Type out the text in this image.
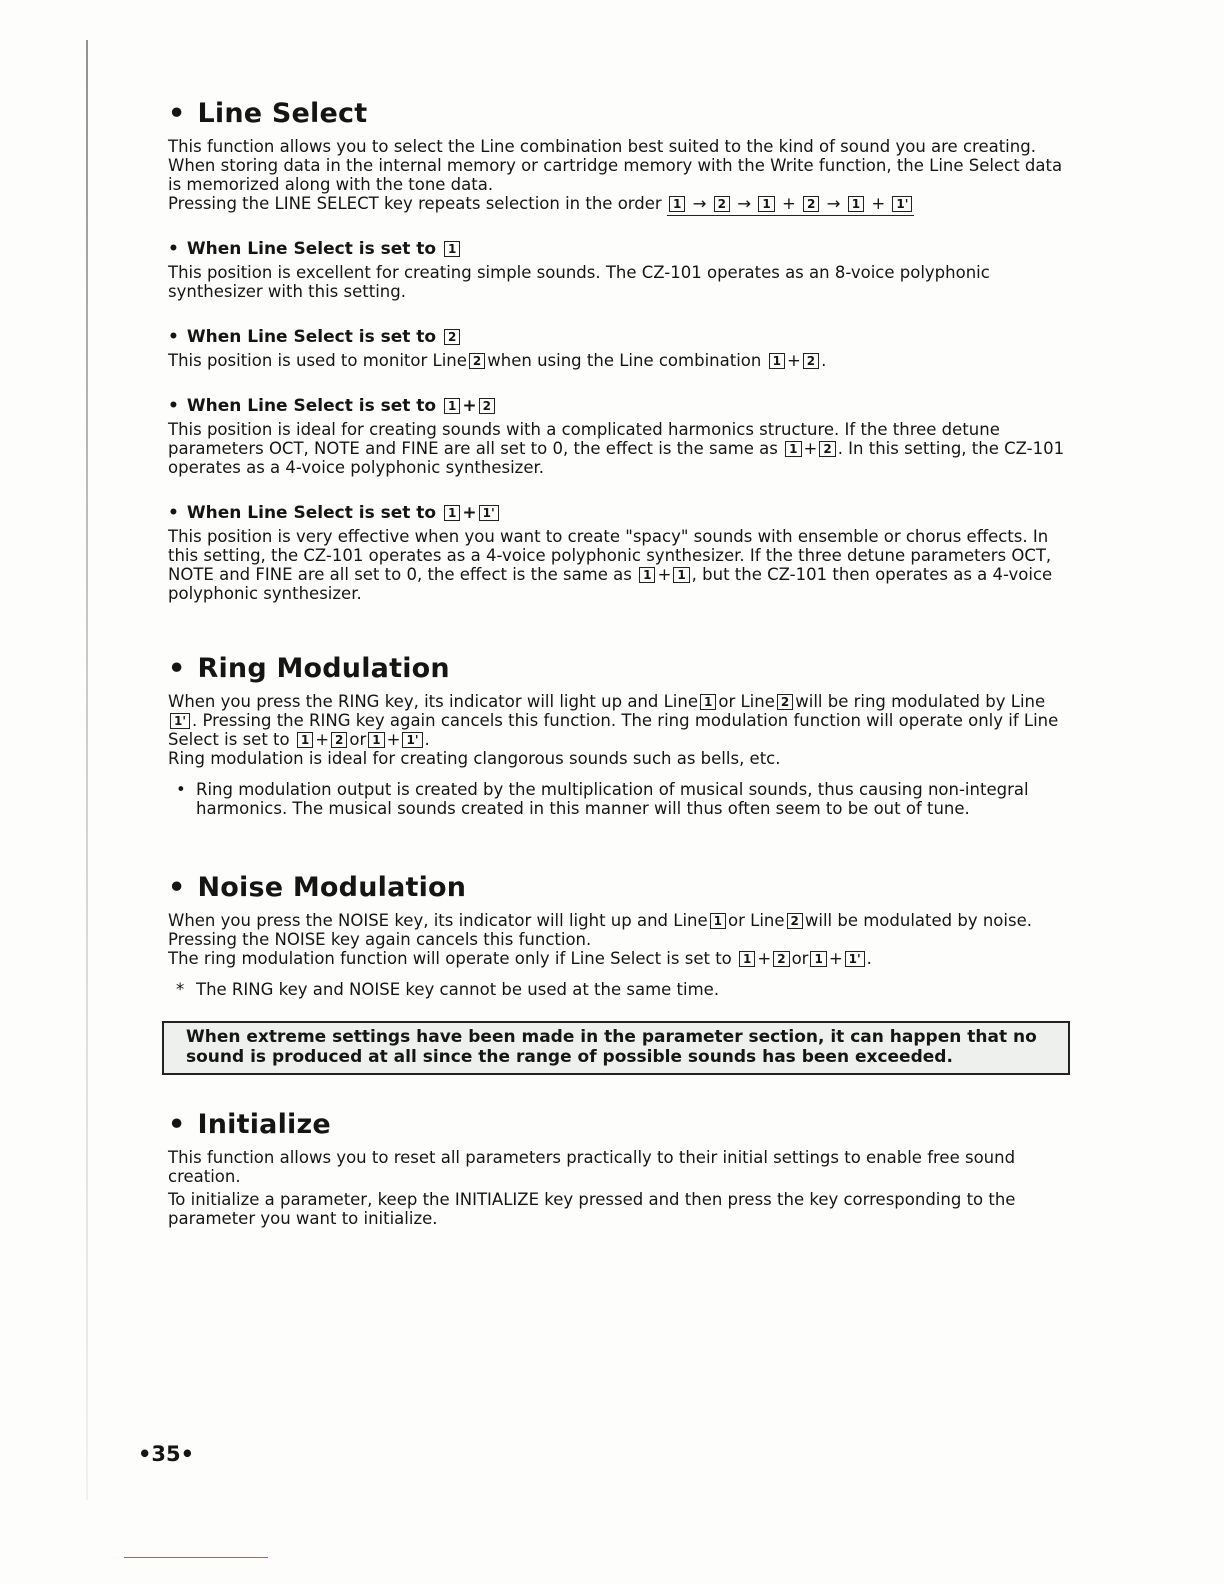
• Line Select

This function allows you to select the Line combination best suited to the kind of sound you are creating. When storing data in the internal memory or cartridge memory with the Write function, the Line Select data is memorized along with the tone data.

Pressing the LINE SELECT key repeats selection in the order 1 → 2 → 1 + 2 → 1 + 1'

• When Line Select is set to 1

This position is excellent for creating simple sounds. The CZ-101 operates as an 8-voice polyphonic synthesizer with this setting.

• When Line Select is set to 2

This position is used to monitor Line 2 when using the Line combination 1 + 2 .

• When Line Select is set to 1 + 2

This position is ideal for creating sounds with a complicated harmonics structure. If the three detune parameters OCT, NOTE and FINE are all set to 0, the effect is the same as 1 + 2 . In this setting, the CZ-101 operates as a 4-voice polyphonic synthesizer.

• When Line Select is set to 1 + 1'

This position is very effective when you want to create "spacy" sounds with ensemble or chorus effects. In this setting, the CZ-101 operates as a 4-voice polyphonic synthesizer. If the three detune parameters OCT, NOTE and FINE are all set to 0, the effect is the same as 1 + 1 , but the CZ-101 then operates as a 4-voice polyphonic synthesizer.

• Ring Modulation

When you press the RING key, its indicator will light up and Line 1 or Line 2 will be ring modulated by Line1' . Pressing the RING key again cancels this function. The ring modulation function will operate only if Line Select is set to 1 + 2 or 1 + 1' .

Ring modulation is ideal for creating clangorous sounds such as bells, etc.

• Ring modulation output is created by the multiplication of musical sounds, thus causing non-integral harmonics. The musical sounds created in this manner will thus often seem to be out of tune.

• Noise Modulation

When you press the NOISE key, its indicator will light up and Line 1 or Line 2 will be modulated by noise. Pressing the NOISE key again cancels this function.

The ring modulation function will operate only if Line Select is set to 1 + 2 or 1 + 1' .

* The RING key and NOISE key cannot be used at the same time.

When extreme settings have been made in the parameter section, it can happen that no sound is produced at all since the range of possible sounds has been exceeded.
• Initialize

This function allows you to reset all parameters practically to their initial settings to enable free sound creation.

To initialize a parameter, keep the INITIALIZE key pressed and then press the key corresponding to the parameter you want to initialize.

•35•
